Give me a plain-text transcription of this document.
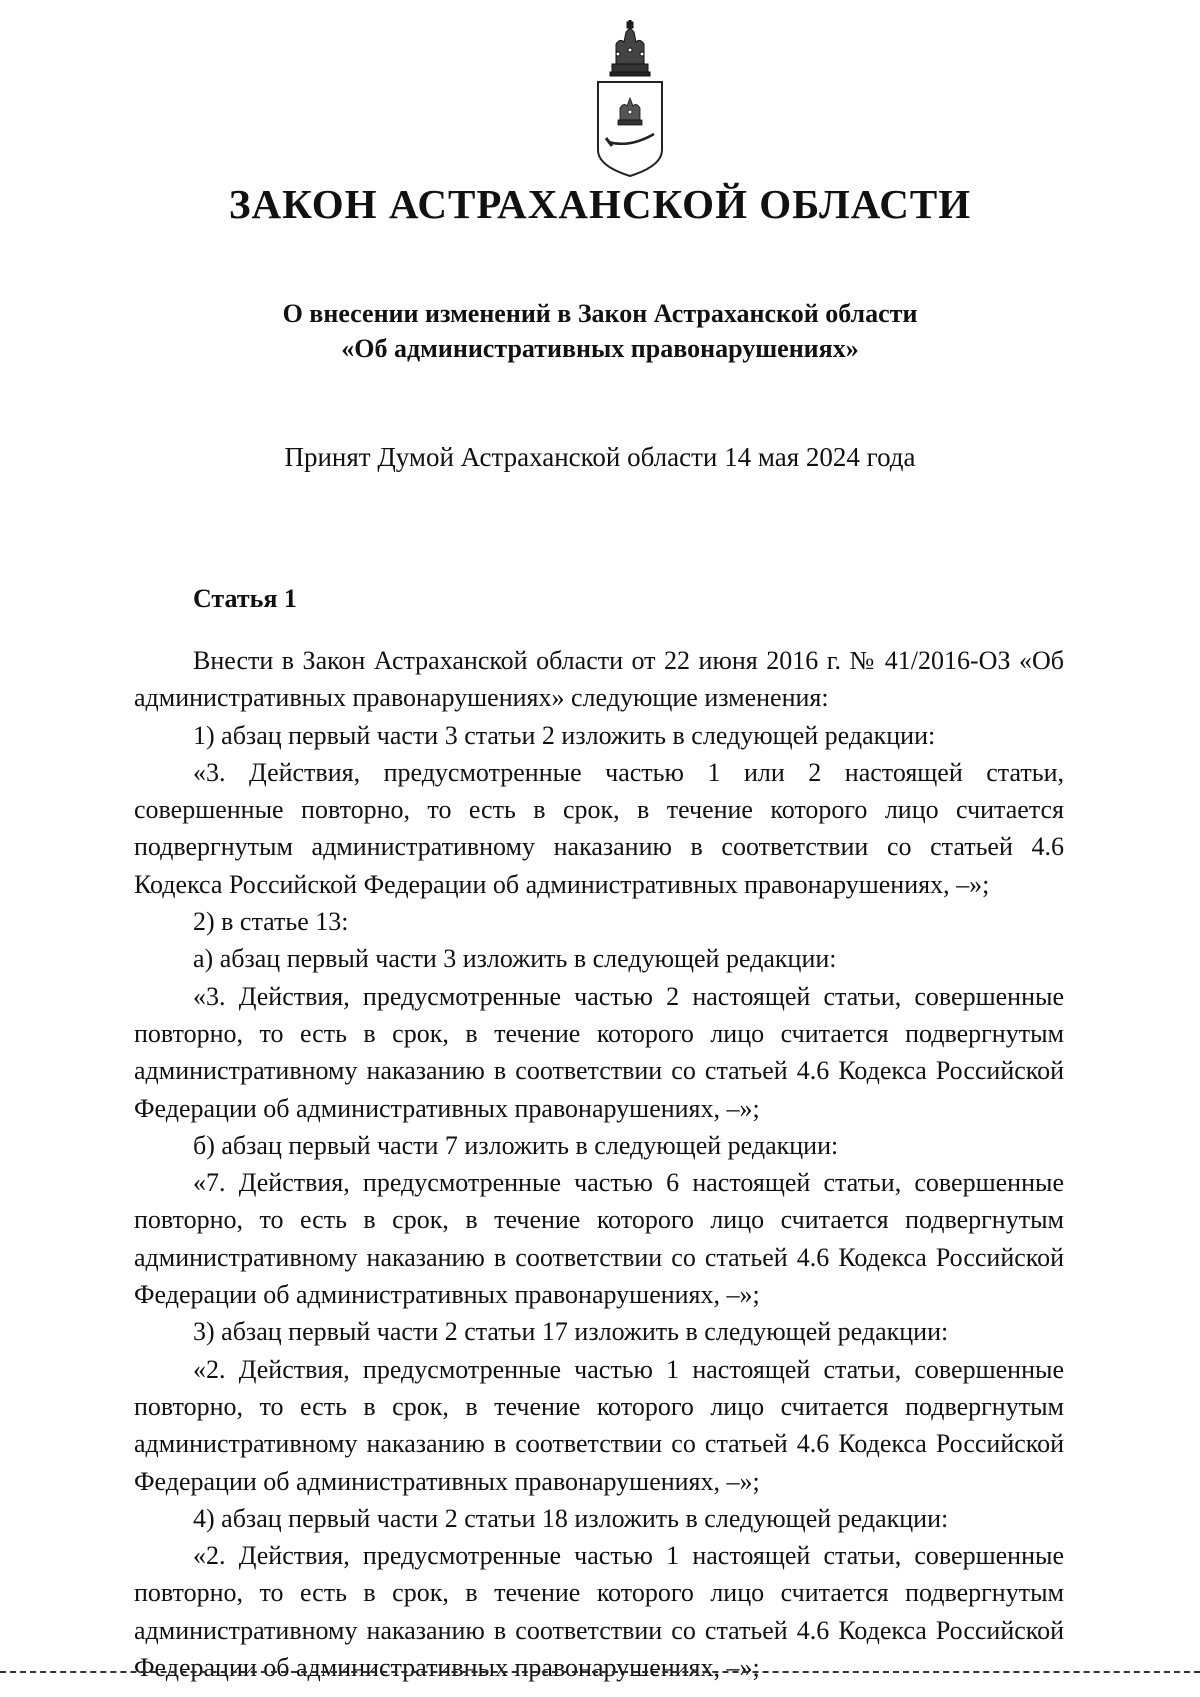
ЗАКОН АСТРАХАНСКОЙ ОБЛАСТИ
О внесении изменений в Закон Астраханской области
«Об административных правонарушениях»
Принят Думой Астраханской области 14 мая 2024 года
Статья 1

Внести в Закон Астраханской области от 22 июня 2016 г. № 41/2016-ОЗ «Об административных правонарушениях» следующие изменения:

1) абзац первый части 3 статьи 2 изложить в следующей редакции:

«3. Действия, предусмотренные частью 1 или 2 настоящей статьи, совершенные повторно, то есть в срок, в течение которого лицо считается подвергнутым административному наказанию в соответствии со статьей 4.6 Кодекса Российской Федерации об административных правонарушениях, –»;

2) в статье 13:

а) абзац первый части 3 изложить в следующей редакции:

«3. Действия, предусмотренные частью 2 настоящей статьи, совершенные повторно, то есть в срок, в течение которого лицо считается подвергнутым административному наказанию в соответствии со статьей 4.6 Кодекса Российской Федерации об административных правонарушениях, –»;

б) абзац первый части 7 изложить в следующей редакции:

«7. Действия, предусмотренные частью 6 настоящей статьи, совершенные повторно, то есть в срок, в течение которого лицо считается подвергнутым административному наказанию в соответствии со статьей 4.6 Кодекса Российской Федерации об административных правонарушениях, –»;

3) абзац первый части 2 статьи 17 изложить в следующей редакции:

«2. Действия, предусмотренные частью 1 настоящей статьи, совершенные повторно, то есть в срок, в течение которого лицо считается подвергнутым административному наказанию в соответствии со статьей 4.6 Кодекса Российской Федерации об административных правонарушениях, –»;

4) абзац первый части 2 статьи 18 изложить в следующей редакции:

«2. Действия, предусмотренные частью 1 настоящей статьи, совершенные повторно, то есть в срок, в течение которого лицо считается подвергнутым административному наказанию в соответствии со статьей 4.6 Кодекса Российской Федерации об административных правонарушениях, –»;
